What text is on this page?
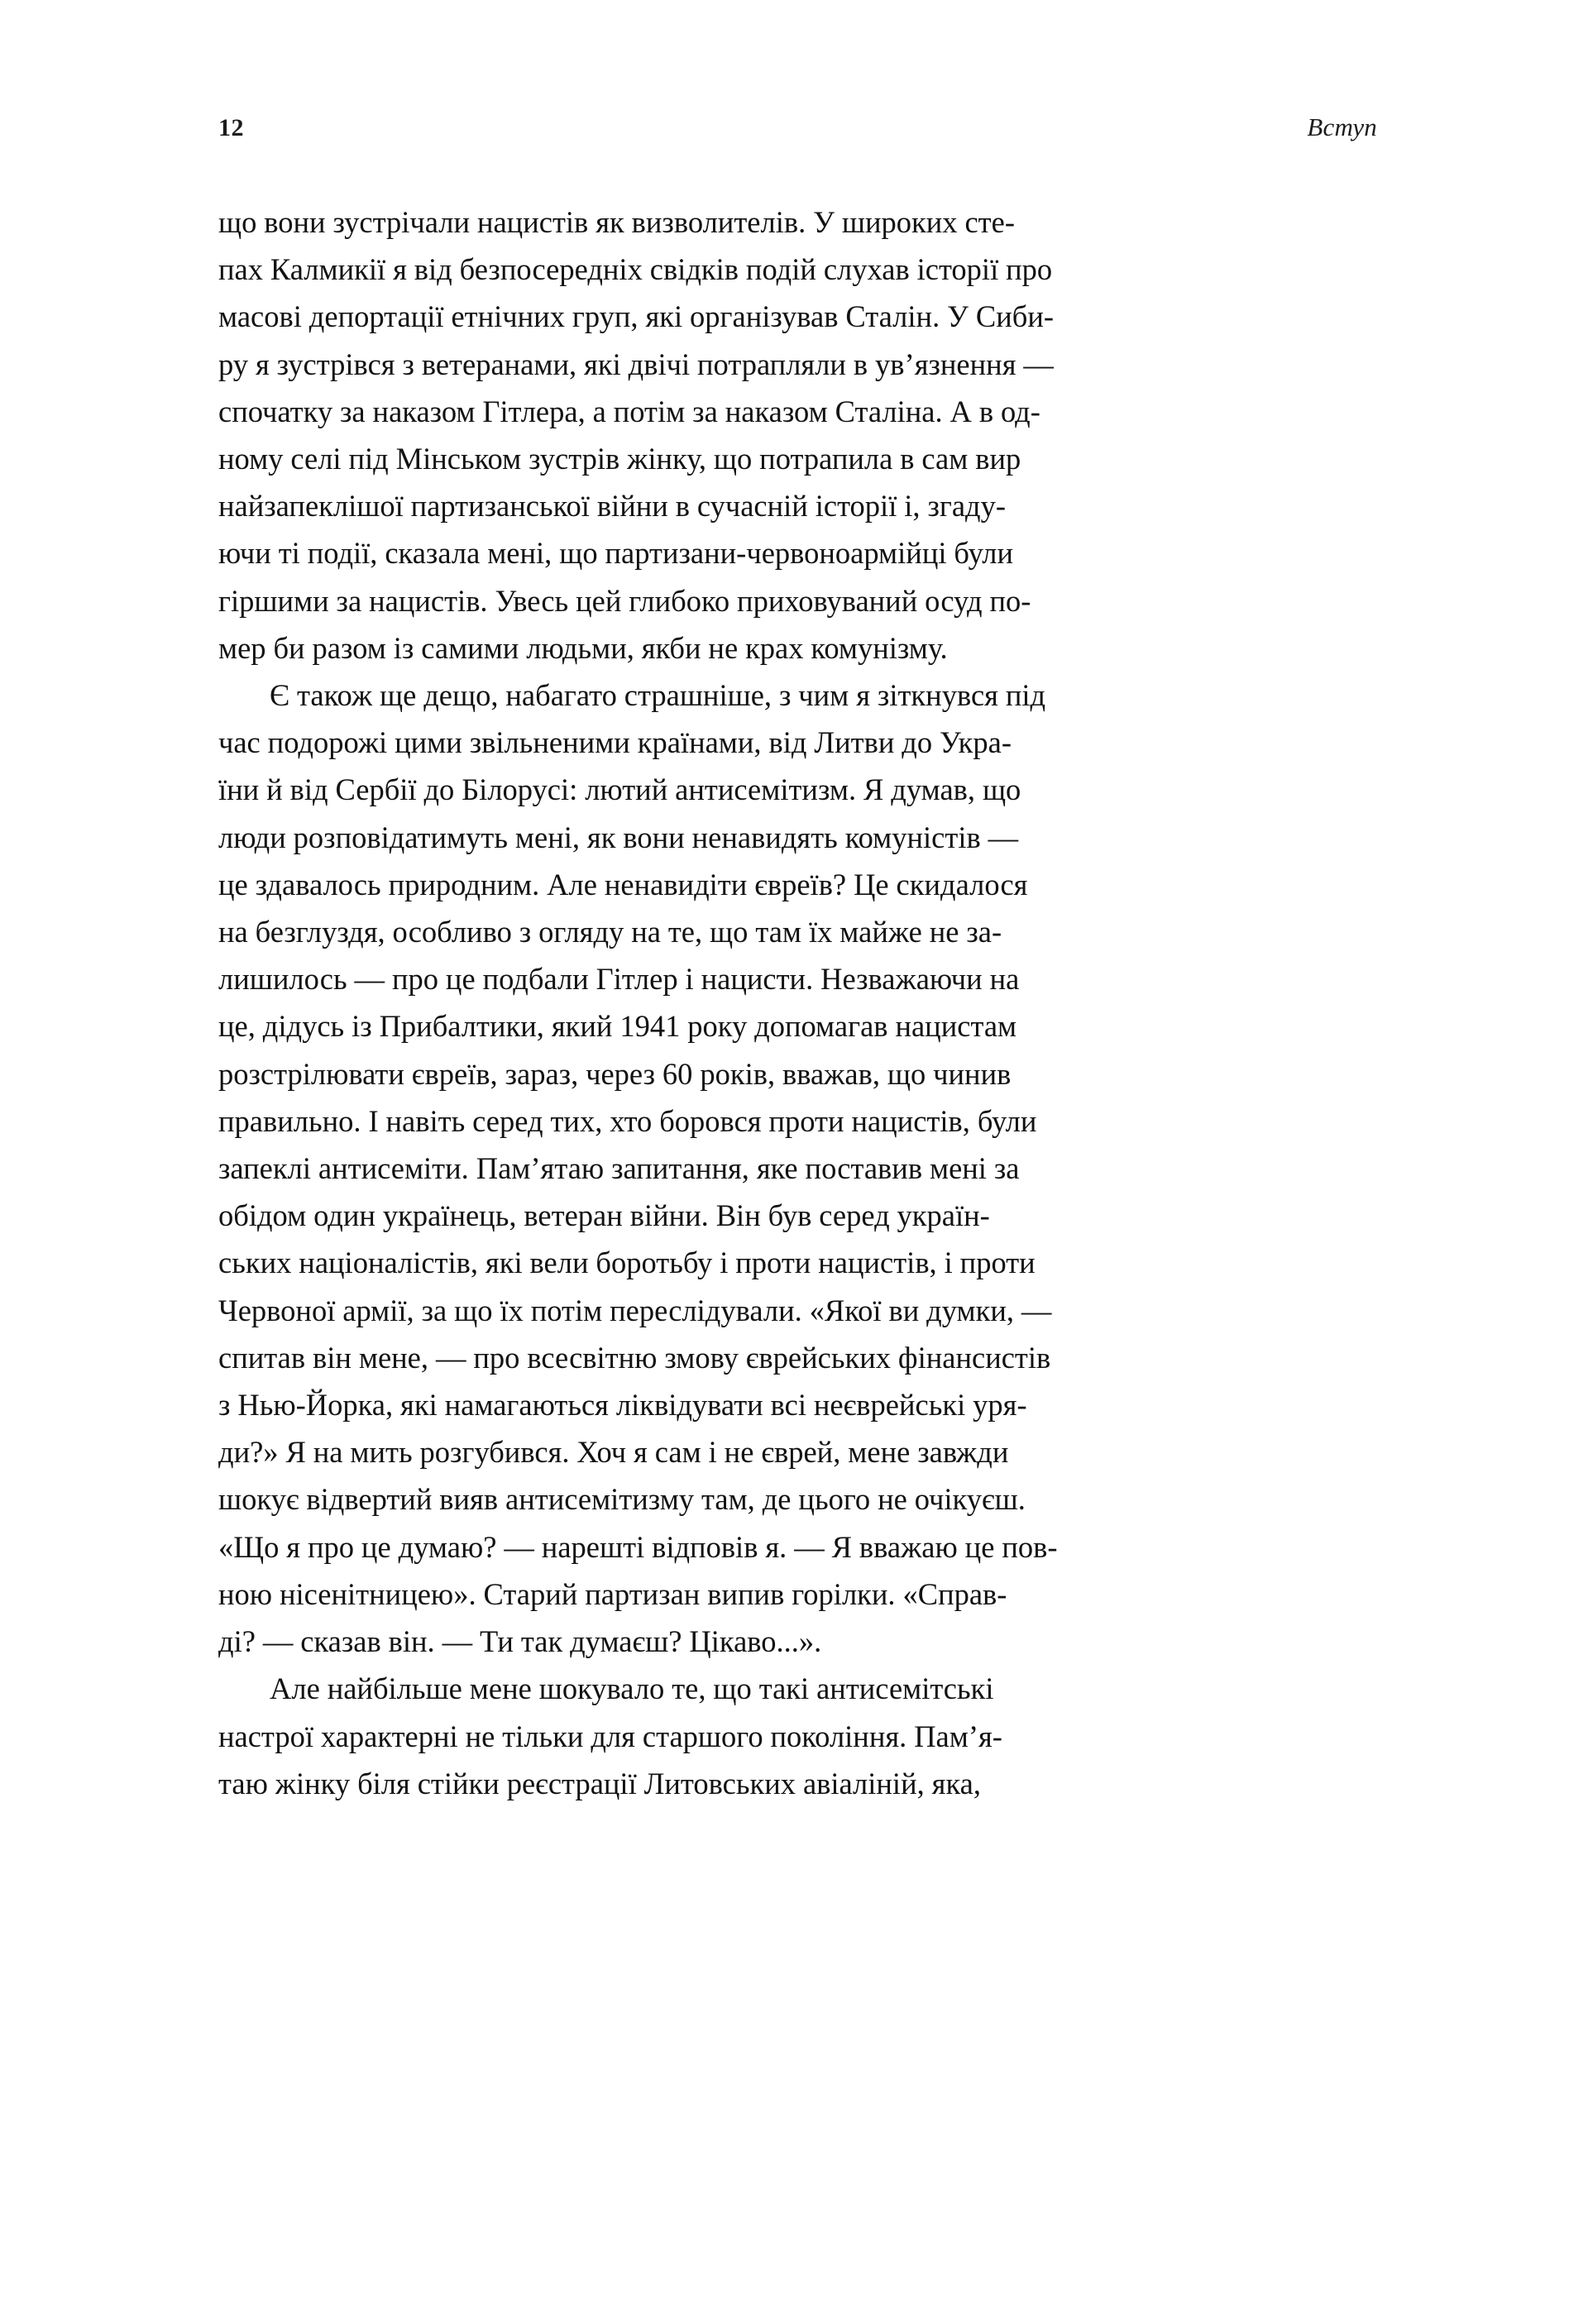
12	Вступ

що вони зустрічали нацистів як визволителів. У широких сте-
пах Калмикії я від безпосередніх свідків подій слухав історії про
масові депортації етнічних груп, які організував Сталін. У Сиби-
ру я зустрівся з ветеранами, які двічі потрапляли в ув’язнення —
спочатку за наказом Гітлера, а потім за наказом Сталіна. А в од-
ному селі під Мінськом зустрів жінку, що потрапила в сам вир
найзапеклішої партизанської війни в сучасній історії і, згаду-
ючи ті події, сказала мені, що партизани-червоноармійці були
гіршими за нацистів. Увесь цей глибоко приховуваний осуд по-
мер би разом із самими людьми, якби не крах комунізму.

Є також ще дещо, набагато страшніше, з чим я зіткнувся під
час подорожі цими звільненими країнами, від Литви до Укра-
їни й від Сербії до Білорусі: лютий антисемітизм. Я думав, що
люди розповідатимуть мені, як вони ненавидять комуністів —
це здавалось природним. Але ненавидіти євреїв? Це скидалося
на безглуздя, особливо з огляду на те, що там їх майже не за-
лишилось — про це подбали Гітлер і нацисти. Незважаючи на
це, дідусь із Прибалтики, який 1941 року допомагав нацистам
розстрілювати євреїв, зараз, через 60 років, вважав, що чинив
правильно. І навіть серед тих, хто боровся проти нацистів, були
запеклі антисеміти. Пам’ятаю запитання, яке поставив мені за
обідом один українець, ветеран війни. Він був серед україн-
ських націоналістів, які вели боротьбу і проти нацистів, і проти
Червоної армії, за що їх потім переслідували. «Якої ви думки, —
спитав він мене, — про всесвітню змову єврейських фінансистів
з Нью-Йорка, які намагаються ліквідувати всі неєврейські уря-
ди?» Я на мить розгубився. Хоч я сам і не єврей, мене завжди
шокує відвертий вияв антисемітизму там, де цього не очікуєш.
«Що я про це думаю? — нарешті відповів я. — Я вважаю це пов-
ною нісенітницею». Старий партизан випив горілки. «Справ-
ді? — сказав він. — Ти так думаєш? Цікаво...».

Але найбільше мене шокувало те, що такі антисемітські
настрої характерні не тільки для старшого покоління. Пам’я-
таю жінку біля стійки реєстрації Литовських авіаліній, яка,
